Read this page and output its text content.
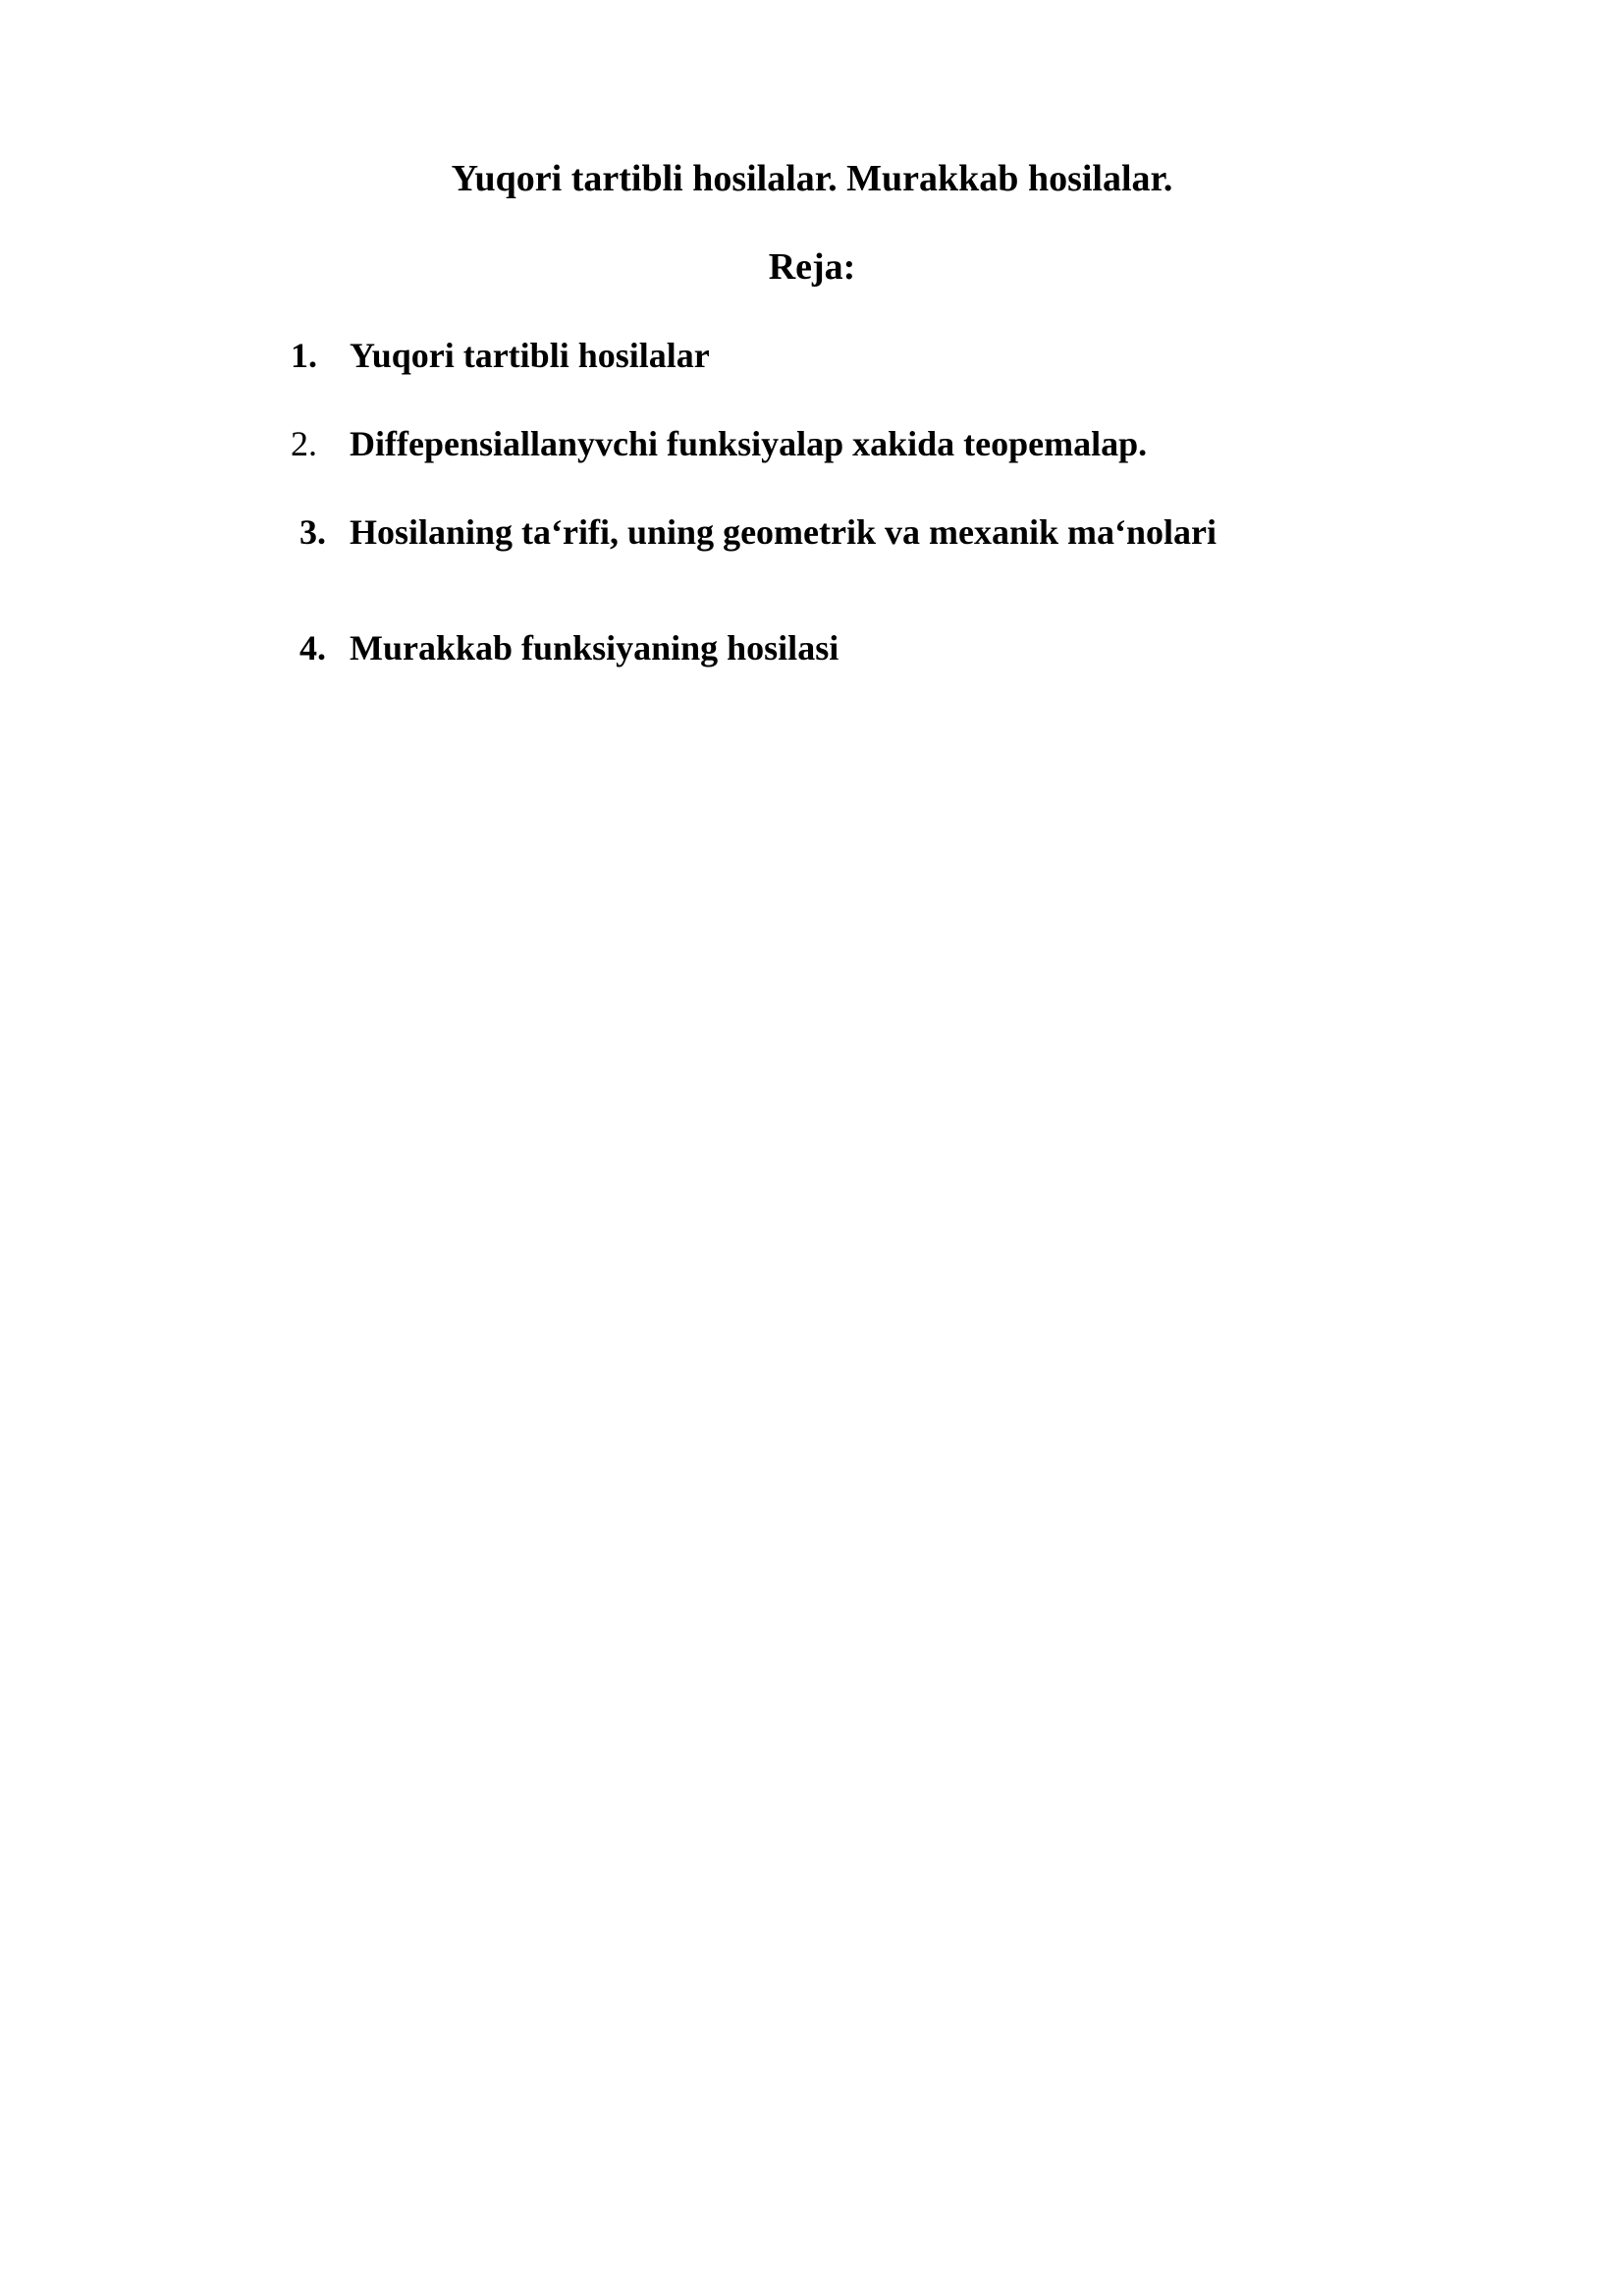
Yuqori tartibli hosilalar. Murakkab hosilalar.
Reja:
1. Yuqori tartibli hosilalar
2. Diffepensiallanyvchi funksiyalap xakida teopemalap.
3. Hosilaning ta‘rifi, uning geometrik va mexanik ma‘nolari
4. Murakkab funksiyaning hosilasi
